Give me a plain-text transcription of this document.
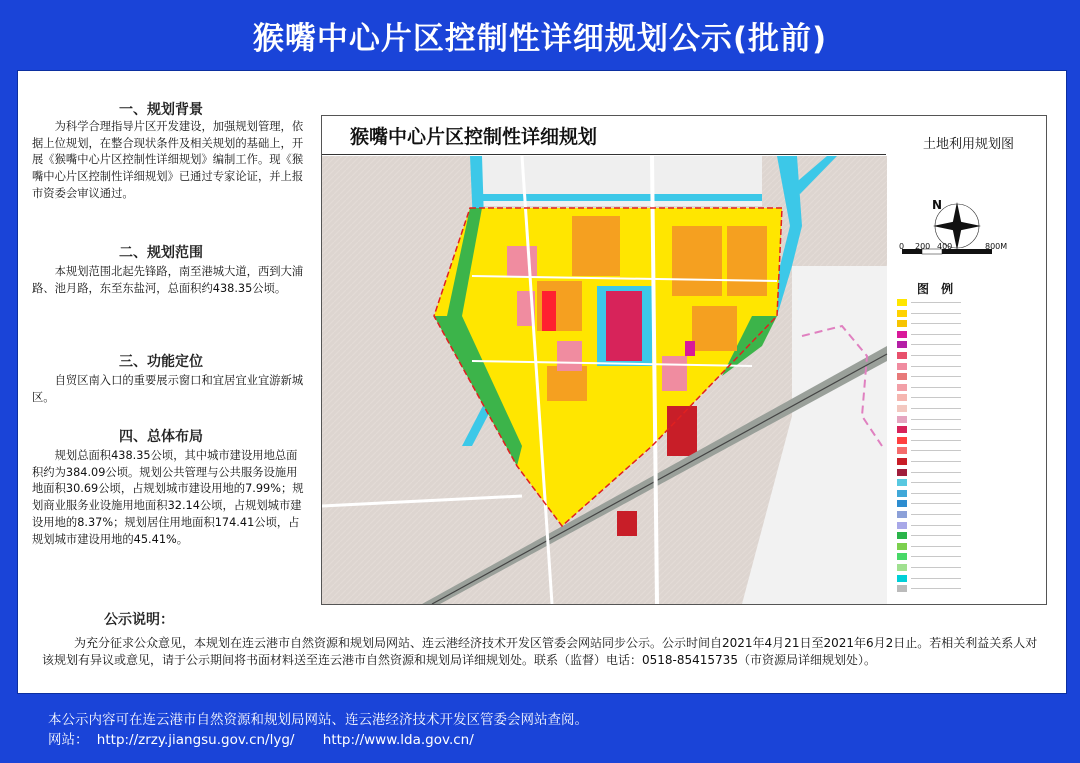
猴嘴中心片区控制性详细规划公示(批前)
一、规划背景
为科学合理指导片区开发建设，加强规划管理，依据上位规划，在整合现状条件及相关规划的基础上，开展《猴嘴中心片区控制性详细规划》编制工作。现《猴嘴中心片区控制性详细规划》已通过专家论证，并上报市资委会审议通过。
二、规划范围
本规划范围北起先锋路，南至港城大道，西到大浦路、池月路，东至东盐河，总面积约438.35公顷。
三、功能定位
自贸区南入口的重要展示窗口和宜居宜业宜游新城区。
四、总体布局
规划总面积438.35公顷，其中城市建设用地总面积约为384.09公顷。规划公共管理与公共服务设施用地面积30.69公顷，占规划城市建设用地的7.99%；规划商业服务业设施用地面积32.14公顷，占规划城市建设用地的8.37%；规划居住用地面积174.41公顷，占规划城市建设用地的45.41%。
猴嘴中心片区控制性详细规划	土地利用规划图
N
0 200 400	800M
图 例
公示说明：
为充分征求公众意见，本规划在连云港市自然资源和规划局网站、连云港经济技术开发区管委会网站同步公示。公示时间自2021年4月21日至2021年6月2日止。若相关利益关系人对该规划有异议或意见，请于公示期间将书面材料送至连云港市自然资源和规划局详细规划处。联系（监督）电话：0518-85415735（市资源局详细规划处）。
本公示内容可在连云港市自然资源和规划局网站、连云港经济技术开发区管委会网站查阅。
网站： http://zrzy.jiangsu.gov.cn/lyg/ http://www.lda.gov.cn/
